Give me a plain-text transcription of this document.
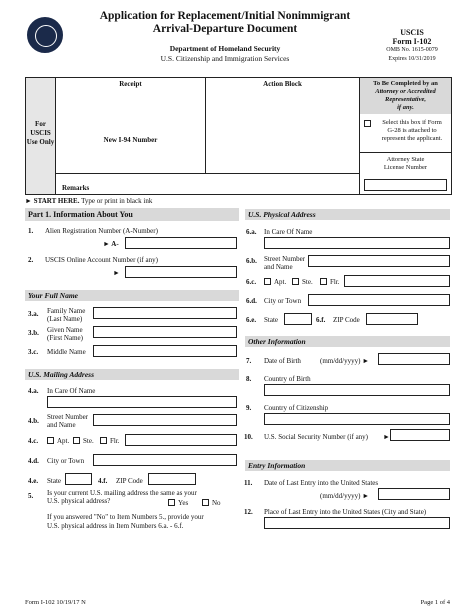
Application for Replacement/Initial Nonimmigrant
Arrival-Departure Document
Department of Homeland Security
U.S. Citizenship and Immigration Services
USCIS
Form I-102
OMB No. 1615-0079
Expires 10/31/2019
For USCIS Use Only
Receipt
New I-94 Number
Action Block
Remarks
To Be Completed by an
Attorney or Accredited Representative,
if any.
Select this box if Form
G-28 is attached to
represent the applicant.
Attorney State
License Number
► START HERE. Type or print in black ink
Part 1. Information About You
1. Alien Registration Number (A-Number)
► A-
2. USCIS Online Account Number (if any)
►
Your Full Name
3.a. Family Name
(Last Name)
3.b. Given Name
(First Name)
3.c. Middle Name
U.S. Mailing Address
4.a. In Care Of Name
4.b. Street Number
and Name
4.c.	Apt. Ste. Flr.
4.d. City or Town
4.e. State	4.f. ZIP Code
5. Is your current U.S. mailing address the same as your
U.S. physical address?	Yes	No
If you answered "No" to Item Numbers 5., provide your
U.S. physical address in Item Numbers 6.a. - 6.f.
U.S. Physical Address
6.a. In Care Of Name
6.b. Street Number
and Name
6.c.	Apt. Ste. Flr.
6.d. City or Town
6.e. State	6.f. ZIP Code
Other Information
7. Date of Birth	(mm/dd/yyyy) ►
8. Country of Birth
9. Country of Citizenship
10. U.S. Social Security Number (if any) ►
Entry Information
11. Date of Last Entry into the United States
(mm/dd/yyyy) ►
12. Place of Last Entry into the United States (City and State)
Form I-102 10/19/17 N	Page 1 of 4
